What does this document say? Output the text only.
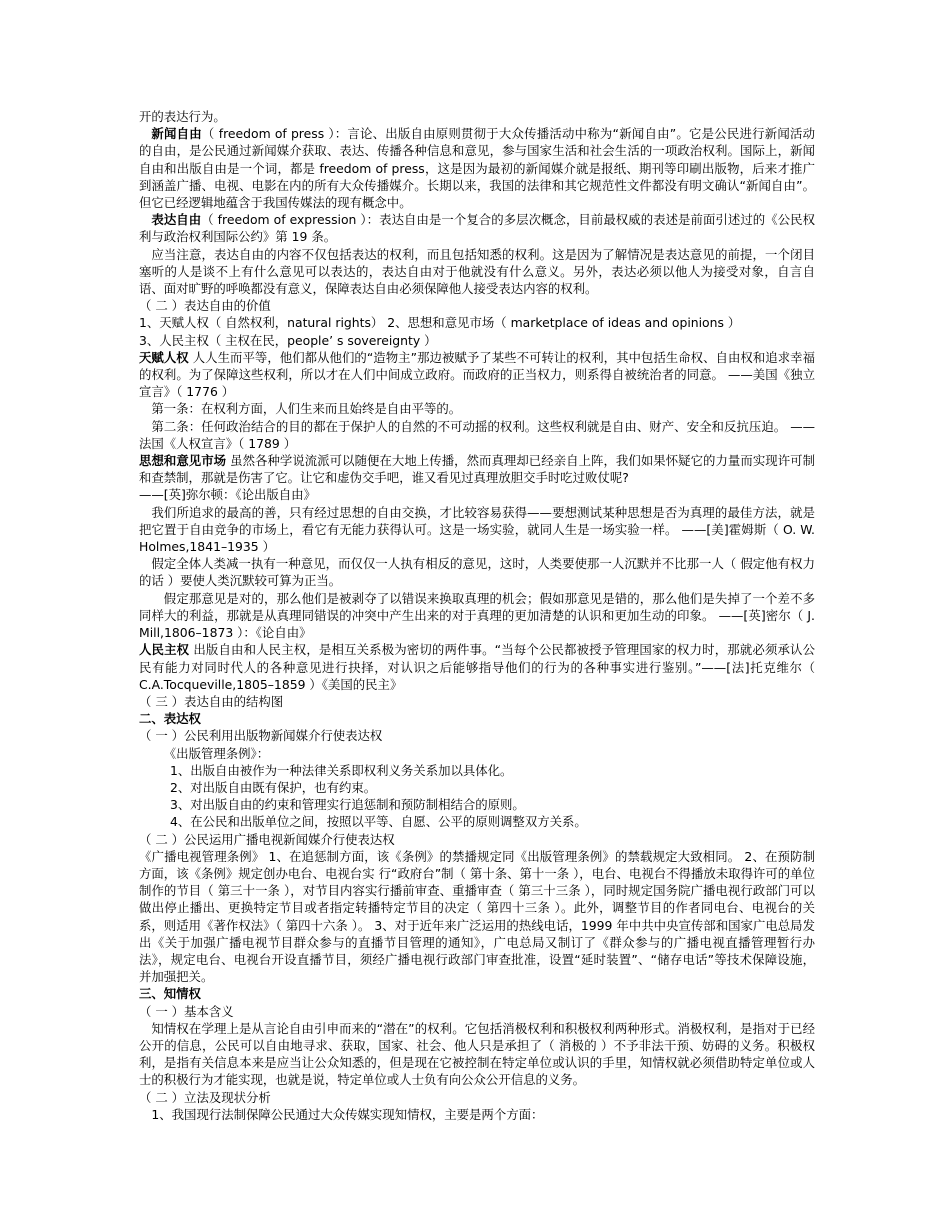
开的表达行为。

新闻自由（ freedom of press ）：言论、出版自由原则贯彻于大众传播活动中称为“新闻自由”。它是公民进行新闻活动的自由，是公民通过新闻媒介获取、表达、传播各种信息和意见，参与国家生活和社会生活的一项政治权利。国际上，新闻自由和出版自由是一个词，都是 freedom of press，这是因为最初的新闻媒介就是报纸、期刊等印刷出版物，后来才推广到涵盖广播、电视、电影在内的所有大众传播媒介。长期以来，我国的法律和其它规范性文件都没有明文确认“新闻自由”。但它已经逻辑地蕴含于我国传媒法的现有概念中。

表达自由（ freedom of expression ）：表达自由是一个复合的多层次概念，目前最权威的表述是前面引述过的《公民权利与政治权利国际公约》第 19 条。

应当注意，表达自由的内容不仅包括表达的权利，而且包括知悉的权利。这是因为了解情况是表达意见的前提，一个闭目塞听的人是谈不上有什么意见可以表达的，表达自由对于他就没有什么意义。另外，表达必须以他人为接受对象，自言自语、面对旷野的呼唤都没有意义，保障表达自由必须保障他人接受表达内容的权利。

（ 二 ）表达自由的价值

1、天赋人权（ 自然权利，natural rights） 2、思想和意见市场（ marketplace of ideas and opinions ）

3、人民主权（ 主权在民，people’ s sovereignty ）

天赋人权 人人生而平等，他们都从他们的“造物主”那边被赋予了某些不可转让的权利，其中包括生命权、自由权和追求幸福的权利。为了保障这些权利，所以才在人们中间成立政府。而政府的正当权力，则系得自被统治者的同意。 ——美国《独立宣言》（ 1776 ）

第一条：在权利方面，人们生来而且始终是自由平等的。

第二条：任何政治结合的目的都在于保护人的自然的不可动摇的权利。这些权利就是自由、财产、安全和反抗压迫。 ——法国《人权宣言》（ 1789 ）

思想和意见市场 虽然各种学说流派可以随便在大地上传播，然而真理却已经亲自上阵，我们如果怀疑它的力量而实现许可制和查禁制，那就是伤害了它。让它和虚伪交手吧，谁又看见过真理放胆交手时吃过败仗呢?

——[英]弥尔顿：《论出版自由》

我们所追求的最高的善，只有经过思想的自由交换，才比较容易获得——要想测试某种思想是否为真理的最佳方法，就是把它置于自由竞争的市场上，看它有无能力获得认可。这是一场实验，就同人生是一场实验一样。 ——[美]霍姆斯（ O. W. Holmes,1841–1935 ）

假定全体人类减一执有一种意见，而仅仅一人执有相反的意见，这时，人类要使那一人沉默并不比那一人（ 假定他有权力的话 ）要使人类沉默较可算为正当。

假定那意见是对的，那么他们是被剥夺了以错误来换取真理的机会；假如那意见是错的，那么他们是失掉了一个差不多同样大的利益，那就是从真理同错误的冲突中产生出来的对于真理的更加清楚的认识和更加生动的印象。 ——[英]密尔（ J. Mill,1806–1873 ）：《论自由》

人民主权 出版自由和人民主权，是相互关系极为密切的两件事。“当每个公民都被授予管理国家的权力时，那就必须承认公民有能力对同时代人的各种意见进行抉择，对认识之后能够指导他们的行为的各种事实进行鉴别。”——[法]托克维尔（ C.A.Tocqueville,1805–1859 ）《美国的民主》

（ 三 ）表达自由的结构图

二、表达权

（ 一 ）公民利用出版物新闻媒介行使表达权

《出版管理条例》：

1、出版自由被作为一种法律关系即权利义务关系加以具体化。

2、对出版自由既有保护，也有约束。

3、对出版自由的约束和管理实行追惩制和预防制相结合的原则。

4、在公民和出版单位之间，按照以平等、自愿、公平的原则调整双方关系。

（ 二 ）公民运用广播电视新闻媒介行使表达权

《广播电视管理条例》 1、在追惩制方面，该《条例》的禁播规定同《出版管理条例》的禁载规定大致相同。 2、在预防制方面，该《条例》规定创办电台、电视台实 行“政府台”制（ 第十条、第十一条 ），电台、电视台不得播放未取得许可的单位制作的节目（ 第三十一条 ），对节目内容实行播前审查、重播审查（ 第三十三条 ），同时规定国务院广播电视行政部门可以做出停止播出、更换特定节目或者指定转播特定节目的决定（ 第四十三条 ）。此外，调整节目的作者同电台、电视台的关系，则适用《著作权法》（ 第四十六条 ）。 3、对于近年来广泛运用的热线电话，1999 年中共中央宣传部和国家广电总局发出《关于加强广播电视节目群众参与的直播节目管理的通知》，广电总局又制订了《群众参与的广播电视直播管理暂行办法》，规定电台、电视台开设直播节目，须经广播电视行政部门审查批准，设置“延时装置”、“储存电话”等技术保障设施，并加强把关。

三、知情权

（ 一 ）基本含义

知情权在学理上是从言论自由引申而来的“潜在”的权利。它包括消极权利和积极权利两种形式。消极权利，是指对于已经公开的信息，公民可以自由地寻求、获取，国家、社会、他人只是承担了（ 消极的 ）不予非法干预、妨碍的义务。积极权利，是指有关信息本来是应当让公众知悉的，但是现在它被控制在特定单位或认识的手里，知情权就必须借助特定单位或人士的积极行为才能实现，也就是说，特定单位或人士负有向公众公开信息的义务。

（ 二 ）立法及现状分析

1、我国现行法制保障公民通过大众传媒实现知情权，主要是两个方面：
